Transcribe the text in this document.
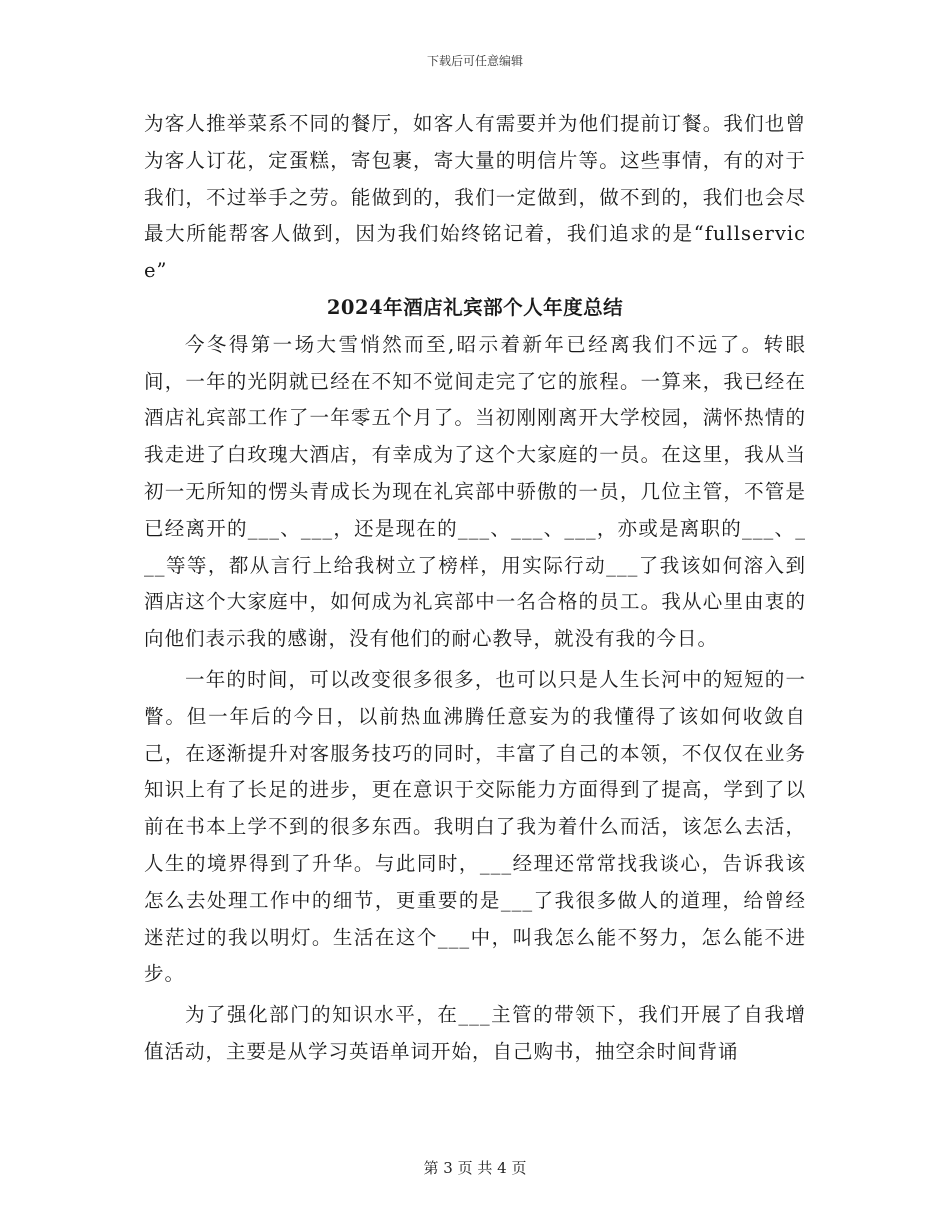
下载后可任意编辑

为客人推举菜系不同的餐厅，如客人有需要并为他们提前订餐。我们也曾为客人订花，定蛋糕，寄包裹，寄大量的明信片等。这些事情，有的对于我们，不过举手之劳。能做到的，我们一定做到，做不到的，我们也会尽最大所能帮客人做到，因为我们始终铭记着，我们追求的是“fullservice”

2024年酒店礼宾部个人年度总结

今冬得第一场大雪悄然而至,昭示着新年已经离我们不远了。转眼间，一年的光阴就已经在不知不觉间走完了它的旅程。一算来，我已经在酒店礼宾部工作了一年零五个月了。当初刚刚离开大学校园，满怀热情的我走进了白玫瑰大酒店，有幸成为了这个大家庭的一员。在这里，我从当初一无所知的愣头青成长为现在礼宾部中骄傲的一员，几位主管，不管是已经离开的___、___，还是现在的___、___、___，亦或是离职的___、___等等，都从言行上给我树立了榜样，用实际行动___了我该如何溶入到酒店这个大家庭中，如何成为礼宾部中一名合格的员工。我从心里由衷的向他们表示我的感谢，没有他们的耐心教导，就没有我的今日。

一年的时间，可以改变很多很多，也可以只是人生长河中的短短的一瞥。但一年后的今日，以前热血沸腾任意妄为的我懂得了该如何收敛自己，在逐渐提升对客服务技巧的同时，丰富了自己的本领，不仅仅在业务知识上有了长足的进步，更在意识于交际能力方面得到了提高，学到了以前在书本上学不到的很多东西。我明白了我为着什么而活，该怎么去活，人生的境界得到了升华。与此同时，___经理还常常找我谈心，告诉我该怎么去处理工作中的细节，更重要的是___了我很多做人的道理，给曾经迷茫过的我以明灯。生活在这个___中，叫我怎么能不努力，怎么能不进步。

为了强化部门的知识水平，在___主管的带领下，我们开展了自我增值活动，主要是从学习英语单词开始，自己购书，抽空余时间背诵

第 3 页 共 4 页
